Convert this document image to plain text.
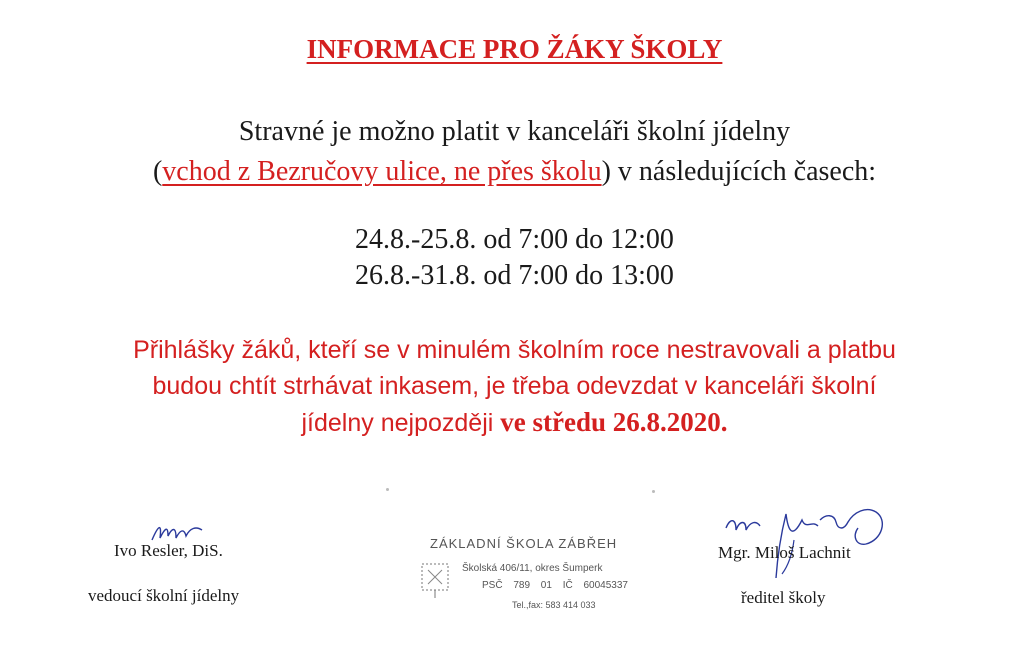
INFORMACE PRO ŽÁKY ŠKOLY
Stravné je možno platit v kanceláři školní jídelny
(vchod z Bezručovy ulice, ne přes školu) v následujících časech:
24.8.-25.8. od 7:00 do 12:00
26.8.-31.8. od 7:00 do 13:00
Přihlášky žáků, kteří se v minulém školním roce nestravovali a platbu
budou chtít strhávat inkasem, je třeba odevzdat v kanceláři školní
jídelny nejpozději ve středu 26.8.2020.
Ivo Resler, DiS.
vedoucí školní jídelny
ZÁKLADNÍ ŠKOLA ZÁBŘEH
Školská 406/11, okres Šumperk
PSČ 789 01 IČ 60045337
Tel.,fax: 583 414 033
Mgr. Miloš Lachnit
ředitel školy
